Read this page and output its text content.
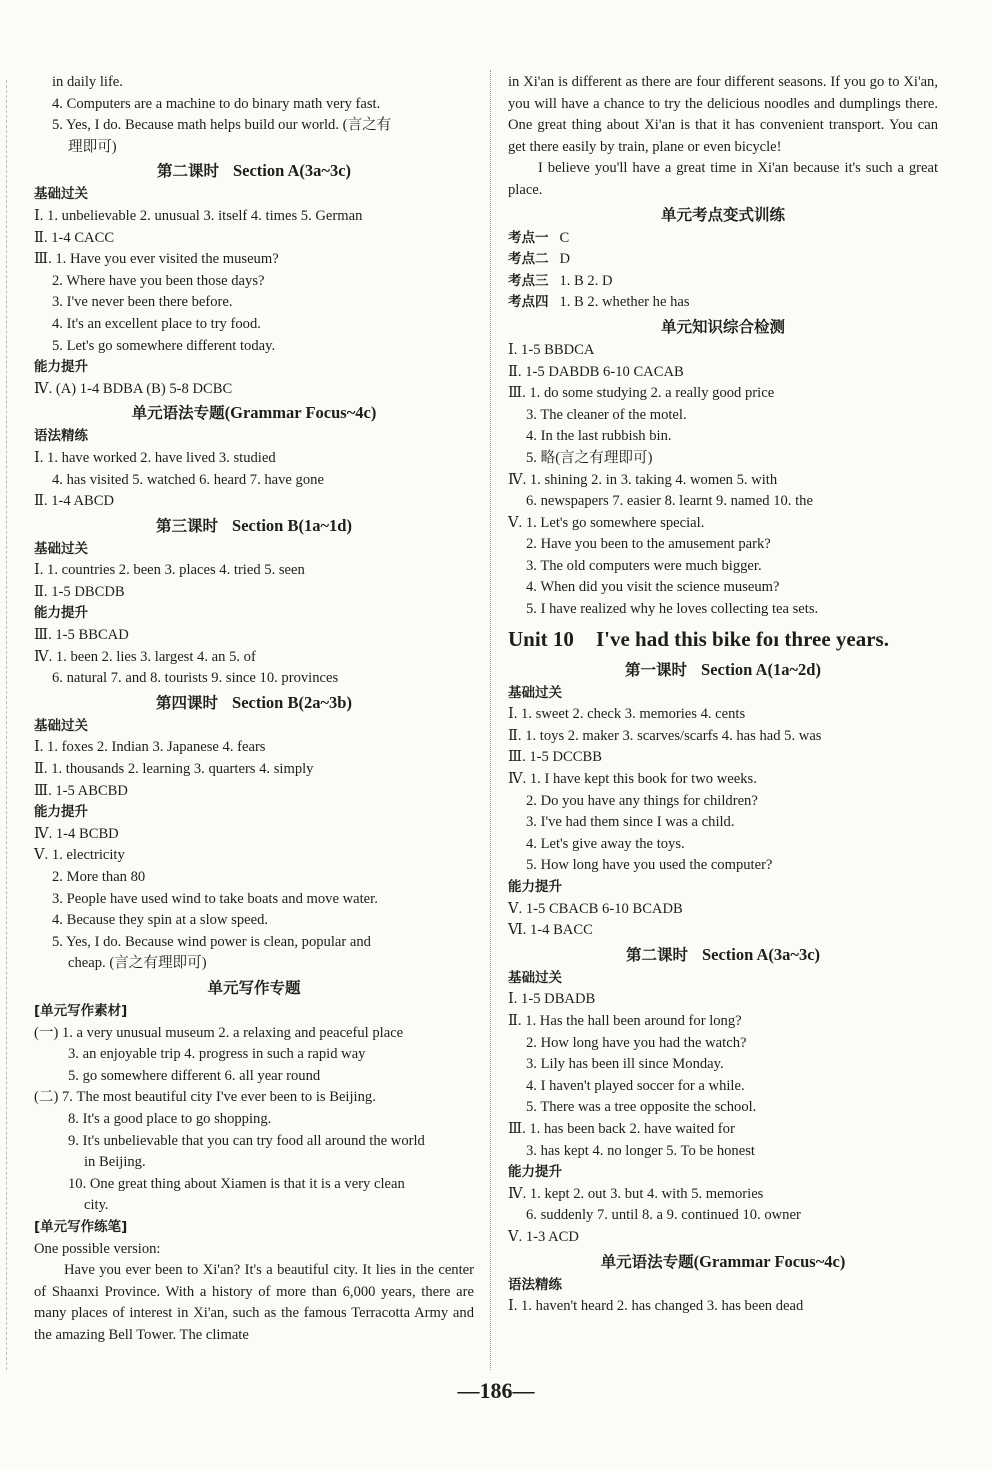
in daily life.
4. Computers are a machine to do binary math very fast.
5. Yes, I do. Because math helps build our world. (言之有
理即可)
第二课时 Section A(3a~3c)
基础过关
Ⅰ. 1. unbelievable 2. unusual 3. itself 4. times 5. German
Ⅱ. 1-4 CACC
Ⅲ. 1. Have you ever visited the museum?
2. Where have you been those days?
3. I've never been there before.
4. It's an excellent place to try food.
5. Let's go somewhere different today.
能力提升
Ⅳ. (A) 1-4 BDBA (B) 5-8 DCBC
单元语法专题(Grammar Focus~4c)
语法精练
Ⅰ. 1. have worked 2. have lived 3. studied
4. has visited 5. watched 6. heard 7. have gone
Ⅱ. 1-4 ABCD
第三课时 Section B(1a~1d)
基础过关
Ⅰ. 1. countries 2. been 3. places 4. tried 5. seen
Ⅱ. 1-5 DBCDB
能力提升
Ⅲ. 1-5 BBCAD
Ⅳ. 1. been 2. lies 3. largest 4. an 5. of
6. natural 7. and 8. tourists 9. since 10. provinces
第四课时 Section B(2a~3b)
基础过关
Ⅰ. 1. foxes 2. Indian 3. Japanese 4. fears
Ⅱ. 1. thousands 2. learning 3. quarters 4. simply
Ⅲ. 1-5 ABCBD
能力提升
Ⅳ. 1-4 BCBD
Ⅴ. 1. electricity
2. More than 80
3. People have used wind to take boats and move water.
4. Because they spin at a slow speed.
5. Yes, I do. Because wind power is clean, popular and
cheap. (言之有理即可)
单元写作专题
[单元写作素材]
(一) 1. a very unusual museum 2. a relaxing and peaceful place
3. an enjoyable trip 4. progress in such a rapid way
5. go somewhere different 6. all year round
(二) 7. The most beautiful city I've ever been to is Beijing.
8. It's a good place to go shopping.
9. It's unbelievable that you can try food all around the world
in Beijing.
10. One great thing about Xiamen is that it is a very clean
city.
[单元写作练笔]
One possible version:
Have you ever been to Xi'an? It's a beautiful city. It lies in the center of Shaanxi Province. With a history of more than 6,000 years, there are many places of interest in Xi'an, such as the famous Terracotta Army and the amazing Bell Tower. The climate
in Xi'an is different as there are four different seasons. If you go to Xi'an, you will have a chance to try the delicious noodles and dumplings there. One great thing about Xi'an is that it has convenient transport. You can get there easily by train, plane or even bicycle!
I believe you'll have a great time in Xi'an because it's such a great place.
单元考点变式训练
考点一 C
考点二 D
考点三 1. B 2. D
考点四 1. B 2. whether he has
单元知识综合检测
Ⅰ. 1-5 BBDCA
Ⅱ. 1-5 DABDB 6-10 CACAB
Ⅲ. 1. do some studying 2. a really good price
3. The cleaner of the motel.
4. In the last rubbish bin.
5. 略(言之有理即可)
Ⅳ. 1. shining 2. in 3. taking 4. women 5. with
6. newspapers 7. easier 8. learnt 9. named 10. the
Ⅴ. 1. Let's go somewhere special.
2. Have you been to the amusement park?
3. The old computers were much bigger.
4. When did you visit the science museum?
5. I have realized why he loves collecting tea sets.
Unit 10 I've had this bike foı three years.
第一课时 Section A(1a~2d)
基础过关
Ⅰ. 1. sweet 2. check 3. memories 4. cents
Ⅱ. 1. toys 2. maker 3. scarves/scarfs 4. has had 5. was
Ⅲ. 1-5 DCCBB
Ⅳ. 1. I have kept this book for two weeks.
2. Do you have any things for children?
3. I've had them since I was a child.
4. Let's give away the toys.
5. How long have you used the computer?
能力提升
Ⅴ. 1-5 CBACB 6-10 BCADB
Ⅵ. 1-4 BACC
第二课时 Section A(3a~3c)
基础过关
Ⅰ. 1-5 DBADB
Ⅱ. 1. Has the hall been around for long?
2. How long have you had the watch?
3. Lily has been ill since Monday.
4. I haven't played soccer for a while.
5. There was a tree opposite the school.
Ⅲ. 1. has been back 2. have waited for
3. has kept 4. no longer 5. To be honest
能力提升
Ⅳ. 1. kept 2. out 3. but 4. with 5. memories
6. suddenly 7. until 8. a 9. continued 10. owner
Ⅴ. 1-3 ACD
单元语法专题(Grammar Focus~4c)
语法精练
Ⅰ. 1. haven't heard 2. has changed 3. has been dead
—186—
